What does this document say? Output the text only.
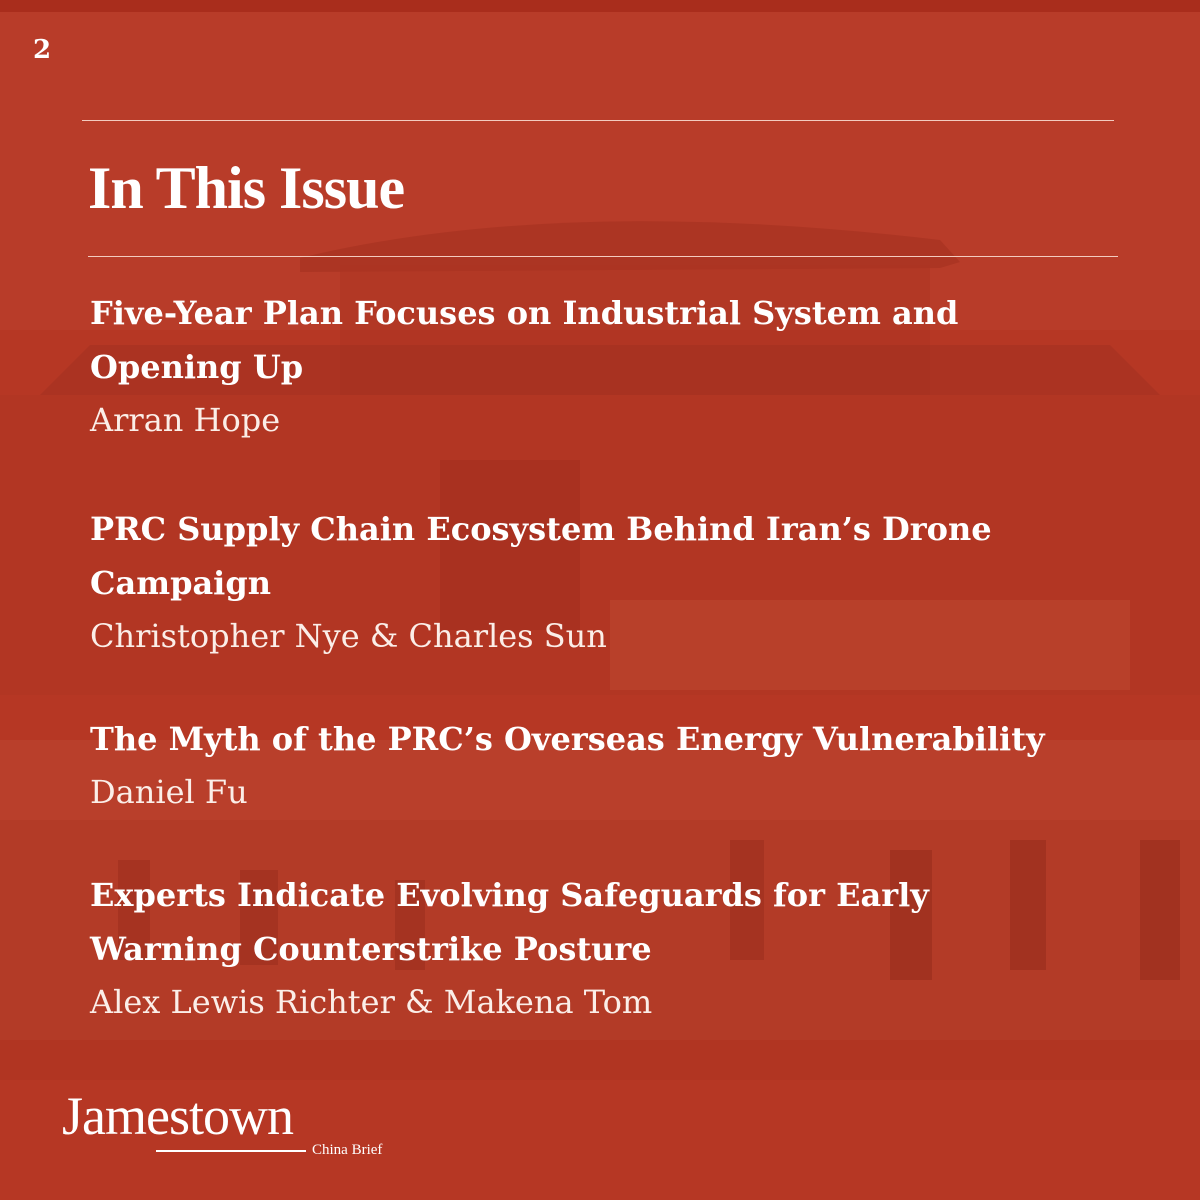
2

In This Issue

Five-Year Plan Focuses on Industrial System and

Opening Up

Arran Hope

PRC Supply Chain Ecosystem Behind Iran’s Drone

Campaign

Christopher Nye & Charles Sun

The Myth of the PRC’s Overseas Energy Vulnerability

Daniel Fu

Experts Indicate Evolving Safeguards for Early

Warning Counterstrike Posture

Alex Lewis Richter & Makena Tom

Jamestown

China Brief
